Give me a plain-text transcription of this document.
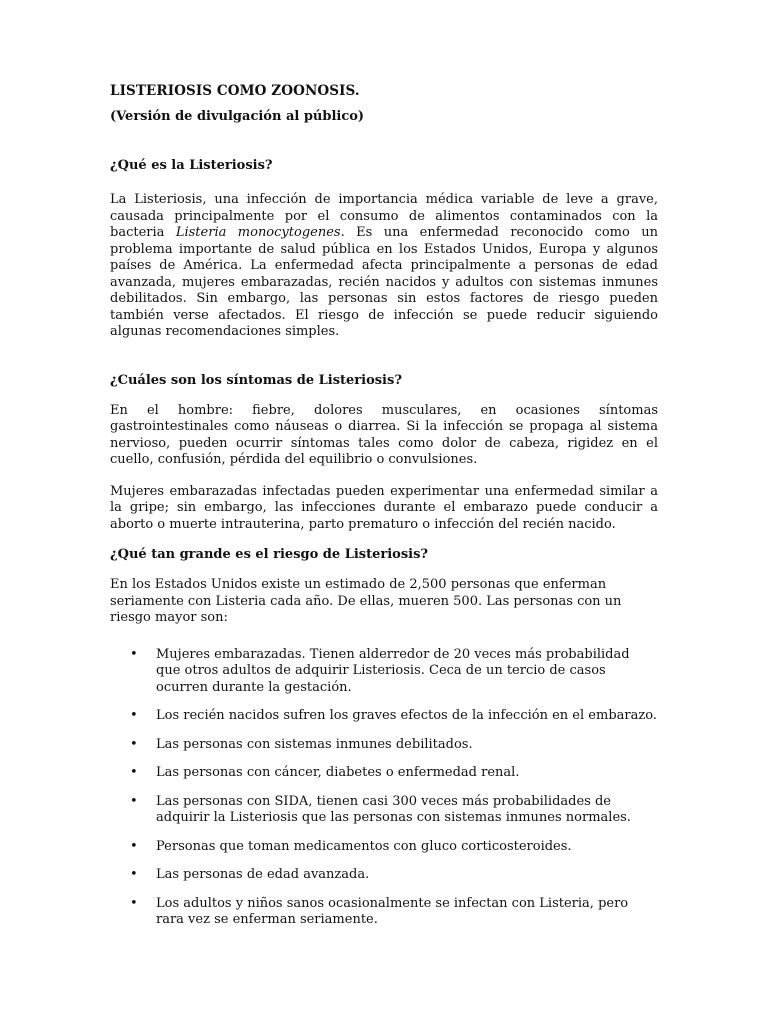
LISTERIOSIS COMO ZOONOSIS.
(Versión de divulgación al público)
¿Qué es la Listeriosis?

La Listeriosis, una infección de importancia médica variable de leve a grave, causada principalmente por el consumo de alimentos contaminados con la bacteria Listeria monocytogenes. Es una enfermedad reconocido como un problema importante de salud pública en los Estados Unidos, Europa y algunos países de América. La enfermedad afecta principalmente a personas de edad avanzada, mujeres embarazadas, recién nacidos y adultos con sistemas inmunes debilitados. Sin embargo, las personas sin estos factores de riesgo pueden también verse afectados. El riesgo de infección se puede reducir siguiendo algunas recomendaciones simples.

¿Cuáles son los síntomas de Listeriosis?

En el hombre: fiebre, dolores musculares, en ocasiones síntomas gastrointestinales como náuseas o diarrea. Si la infección se propaga al sistema nervioso, pueden ocurrir síntomas tales como dolor de cabeza, rigidez en el cuello, confusión, pérdida del equilibrio o convulsiones.

Mujeres embarazadas infectadas pueden experimentar una enfermedad similar a la gripe; sin embargo, las infecciones durante el embarazo puede conducir a aborto o muerte intrauterina, parto prematuro o infección del recién nacido.

¿Qué tan grande es el riesgo de Listeriosis?

En los Estados Unidos existe un estimado de 2,500 personas que enferman seriamente con Listeria cada año. De ellas, mueren 500. Las personas con un riesgo mayor son:

• Mujeres embarazadas. Tienen alderredor de 20 veces más probabilidad que otros adultos de adquirir Listeriosis. Ceca de un tercio de casos ocurren durante la gestación.
• Los recién nacidos sufren los graves efectos de la infección en el embarazo.
• Las personas con sistemas inmunes debilitados.
• Las personas con cáncer, diabetes o enfermedad renal.
• Las personas con SIDA, tienen casi 300 veces más probabilidades de adquirir la Listeriosis que las personas con sistemas inmunes normales.
• Personas que toman medicamentos con gluco corticosteroides.
• Las personas de edad avanzada.
• Los adultos y niños sanos ocasionalmente se infectan con Listeria, pero rara vez se enferman seriamente.
